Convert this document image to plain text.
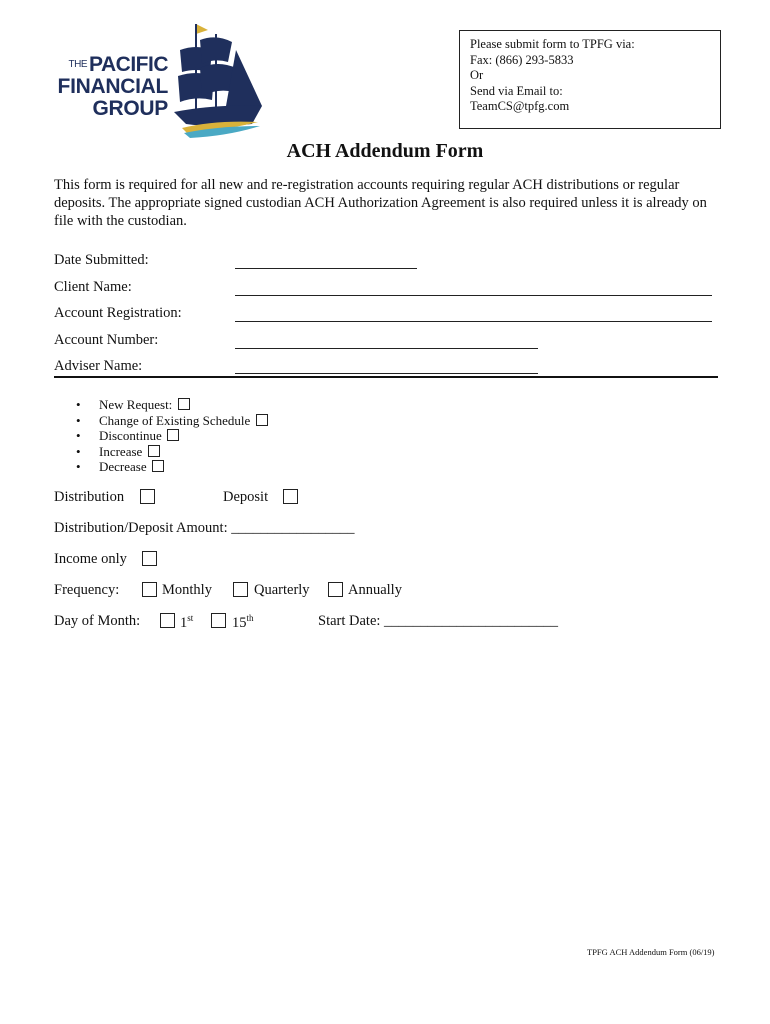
THEPACIFIC
FINANCIAL
GROUP
Please submit form to TPFG via:
Fax: (866) 293-5833
Or
Send via Email to:
TeamCS@tpfg.com
ACH Addendum Form
This form is required for all new and re-registration accounts requiring regular ACH distributions or regular deposits. The appropriate signed custodian ACH Authorization Agreement is also required unless it is already on file with the custodian.
Date Submitted:
Client Name:
Account Registration:
Account Number:
Adviser Name:
• New Request:
• Change of Existing Schedule
• Discontinue
• Increase
• Decrease
Distribution	Deposit
Distribution/Deposit Amount: _________________
Income only
Frequency:	Monthly	Quarterly	Annually
Day of Month:	1st	15th	Start Date: ________________________
TPFG ACH Addendum Form (06/19)
